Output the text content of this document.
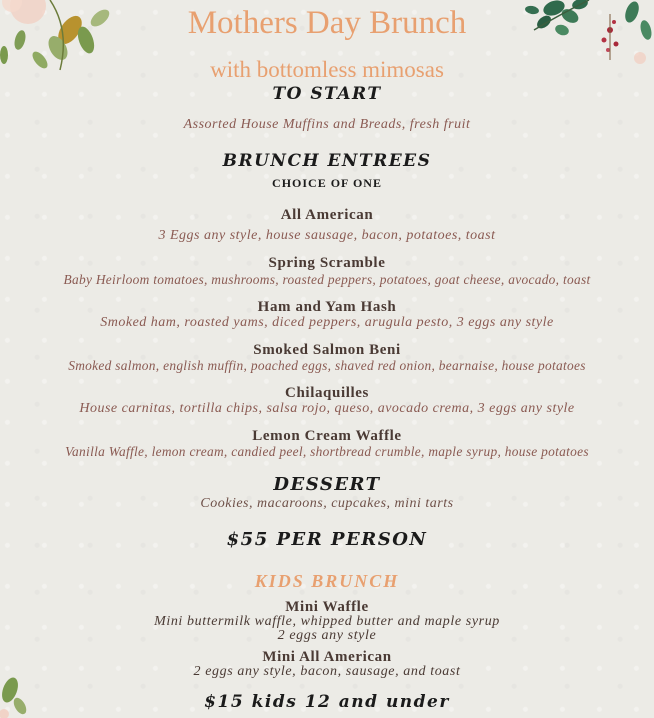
Mothers Day Brunch
with bottomless mimosas
TO START
Assorted House Muffins and Breads, fresh fruit
BRUNCH ENTREES
CHOICE OF ONE
All American
3 Eggs any style, house sausage, bacon, potatoes, toast
Spring Scramble
Baby Heirloom tomatoes, mushrooms, roasted peppers, potatoes, goat cheese, avocado, toast
Ham and Yam Hash
Smoked ham, roasted yams, diced peppers, arugula pesto, 3 eggs any style
Smoked Salmon Beni
Smoked salmon, english muffin, poached eggs, shaved red onion, bearnaise, house potatoes
Chilaquilles
House carnitas, tortilla chips, salsa rojo, queso, avocado crema, 3 eggs any style
Lemon Cream Waffle
Vanilla Waffle, lemon cream, candied peel, shortbread crumble, maple syrup, house potatoes
DESSERT
Cookies, macaroons, cupcakes, mini tarts
$55 PER PERSON
KIDS BRUNCH
Mini Waffle
Mini buttermilk waffle, whipped butter and maple syrup
2 eggs any style
Mini All American
2 eggs any style, bacon, sausage, and toast
$15 kids 12 and under
